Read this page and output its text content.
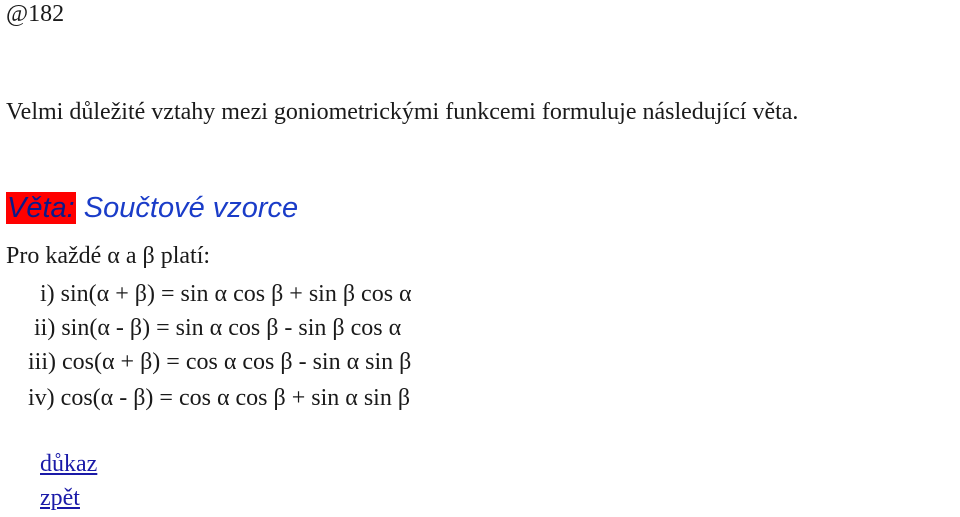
@182
Velmi důležité vztahy mezi goniometrickými funkcemi formuluje následující věta.
Věta: Součtové vzorce
Pro každé α a β platí:
i) sin(α + β) = sin α cos β + sin β cos α
ii) sin(α - β) = sin α cos β - sin β cos α
iii) cos(α + β) = cos α cos β - sin α sin β
iv) cos(α - β) = cos α cos β + sin α sin β
důkaz
zpět
